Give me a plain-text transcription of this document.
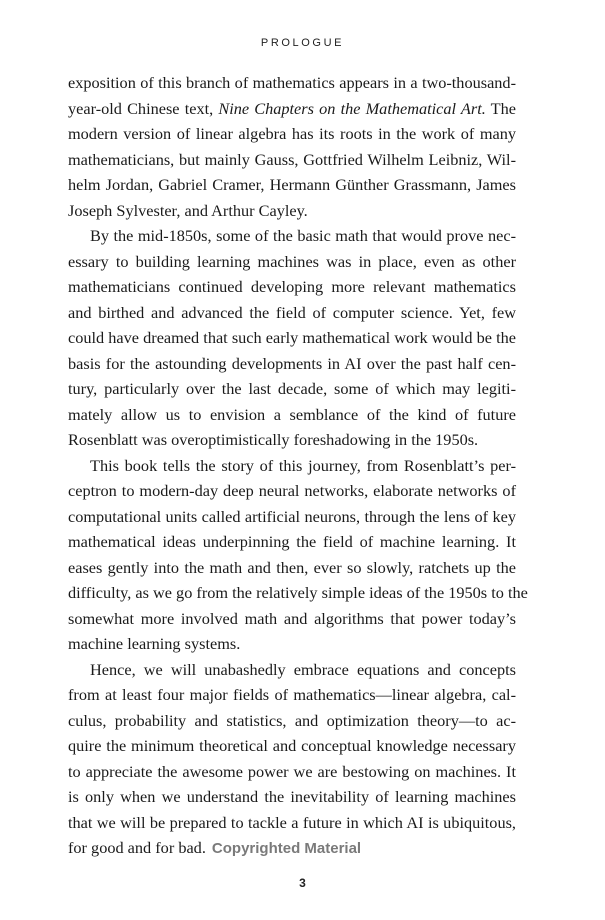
PROLOGUE
exposition of this branch of mathematics appears in a two-thousand-
year-old Chinese text, Nine Chapters on the Mathematical Art. The
modern version of linear algebra has its roots in the work of many
mathematicians, but mainly Gauss, Gottfried Wilhelm Leibniz, Wil-
helm Jordan, Gabriel Cramer, Hermann Günther Grassmann, James
Joseph Sylvester, and Arthur Cayley.
By the mid-1850s, some of the basic math that would prove nec-
essary to building learning machines was in place, even as other
mathematicians continued developing more relevant mathematics
and birthed and advanced the field of computer science. Yet, few
could have dreamed that such early mathematical work would be the
basis for the astounding developments in AI over the past half cen-
tury, particularly over the last decade, some of which may legiti-
mately allow us to envision a semblance of the kind of future
Rosenblatt was overoptimistically foreshadowing in the 1950s.
This book tells the story of this journey, from Rosenblatt’s per-
ceptron to modern-day deep neural networks, elaborate networks of
computational units called artificial neurons, through the lens of key
mathematical ideas underpinning the field of machine learning. It
eases gently into the math and then, ever so slowly, ratchets up the
difficulty, as we go from the relatively simple ideas of the 1950s to the
somewhat more involved math and algorithms that power today’s
machine learning systems.
Hence, we will unabashedly embrace equations and concepts
from at least four major fields of mathematics—linear algebra, cal-
culus, probability and statistics, and optimization theory—to ac-
quire the minimum theoretical and conceptual knowledge necessary
to appreciate the awesome power we are bestowing on machines. It
is only when we understand the inevitability of learning machines
that we will be prepared to tackle a future in which AI is ubiquitous,
for good and for bad. Copyrighted Material
3
